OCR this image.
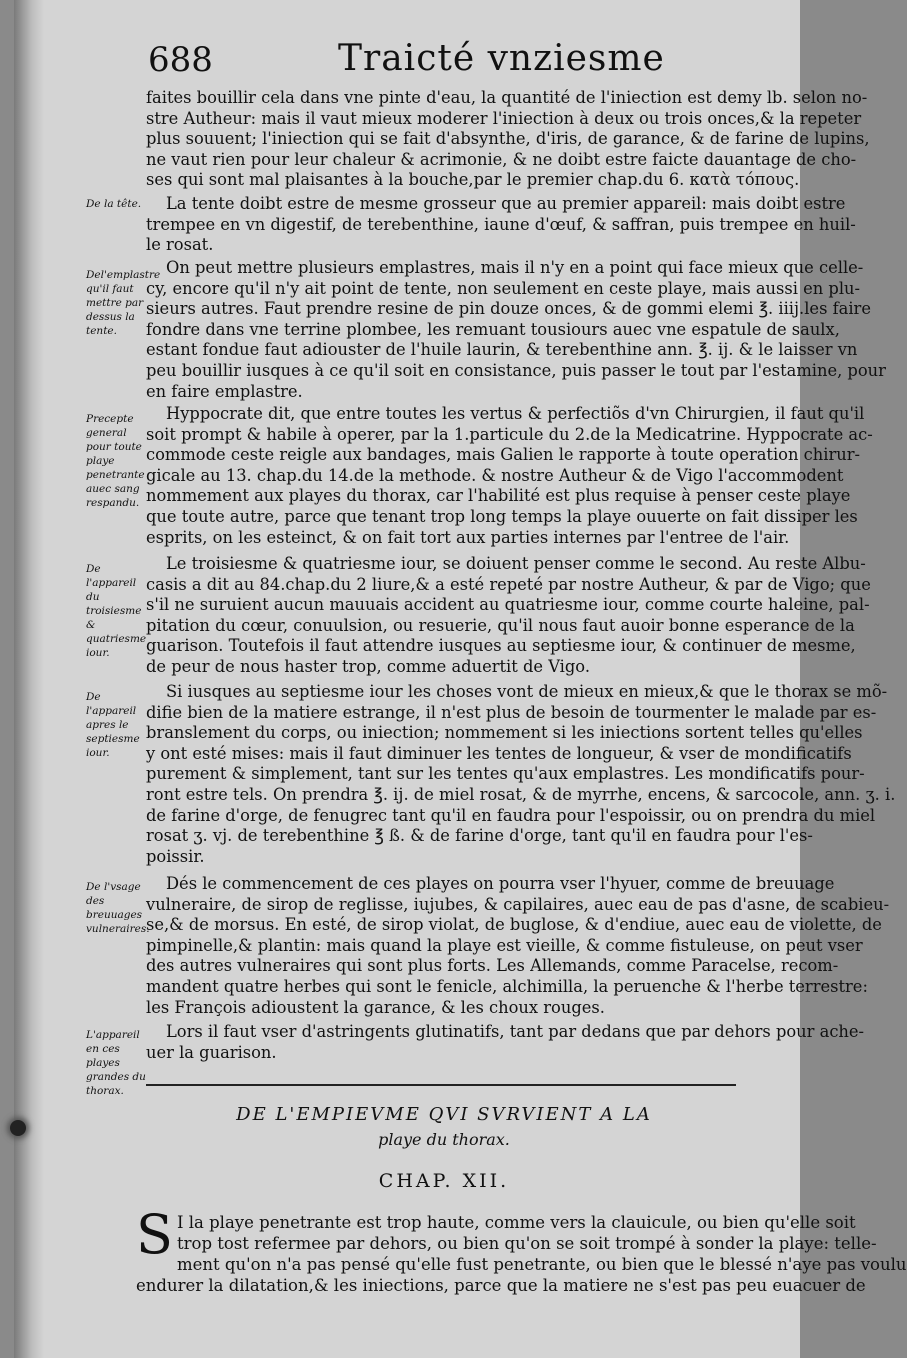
688	Traicté vnziesme
De la tête.
Del'emplastre qu'il faut mettre par dessus la tente.
Precepte general pour toute playe penetrante auec sang respandu.
De l'appareil du troisiesme & quatriesme iour.
De l'appareil apres le septiesme iour.
De l'vsage des breuuages vulneraires.
L'appareil en ces playes grandes du thorax.
faites bouillir cela dans vne pinte d'eau, la quantité de l'iniection est demy lb. selon no-
stre Autheur: mais il vaut mieux moderer l'iniection à deux ou trois onces,& la repeter
plus souuent; l'iniection qui se fait d'absynthe, d'iris, de garance, & de farine de lupins,
ne vaut rien pour leur chaleur & acrimonie, & ne doibt estre faicte dauantage de cho-
ses qui sont mal plaisantes à la bouche,par le premier chap.du 6. κατὰ τόπους.
La tente doibt estre de mesme grosseur que au premier appareil: mais doibt estre
trempee en vn digestif, de terebenthine, iaune d'œuf, & saffran, puis trempee en huil-
le rosat.
On peut mettre plusieurs emplastres, mais il n'y en a point qui face mieux que celle-
cy, encore qu'il n'y ait point de tente, non seulement en ceste playe, mais aussi en plu-
sieurs autres. Faut prendre resine de pin douze onces, & de gommi elemi ℥. iiij.les faire
fondre dans vne terrine plombee, les remuant tousiours auec vne espatule de saulx,
estant fondue faut adiouster de l'huile laurin, & terebenthine ann. ℥. ij. & le laisser vn
peu bouillir iusques à ce qu'il soit en consistance, puis passer le tout par l'estamine, pour
en faire emplastre.
Hyppocrate dit, que entre toutes les vertus & perfectiõs d'vn Chirurgien, il faut qu'il
soit prompt & habile à operer, par la 1.particule du 2.de la Medicatrine. Hyppocrate ac-
commode ceste reigle aux bandages, mais Galien le rapporte à toute operation chirur-
gicale au 13. chap.du 14.de la methode. & nostre Autheur & de Vigo l'accommodent
nommement aux playes du thorax, car l'habilité est plus requise à penser ceste playe
que toute autre, parce que tenant trop long temps la playe ouuerte on fait dissiper les
esprits, on les esteinct, & on fait tort aux parties internes par l'entree de l'air.
Le troisiesme & quatriesme iour, se doiuent penser comme le second. Au reste Albu-
casis a dit au 84.chap.du 2 liure,& a esté repeté par nostre Autheur, & par de Vigo; que
s'il ne suruient aucun mauuais accident au quatriesme iour, comme courte haleine, pal-
pitation du cœur, conuulsion, ou resuerie, qu'il nous faut auoir bonne esperance de la
guarison. Toutefois il faut attendre iusques au septiesme iour, & continuer de mesme,
de peur de nous haster trop, comme aduertit de Vigo.
Si iusques au septiesme iour les choses vont de mieux en mieux,& que le thorax se mõ-
difie bien de la matiere estrange, il n'est plus de besoin de tourmenter le malade par es-
branslement du corps, ou iniection; nommement si les iniections sortent telles qu'elles
y ont esté mises: mais il faut diminuer les tentes de longueur, & vser de mondificatifs
purement & simplement, tant sur les tentes qu'aux emplastres. Les mondificatifs pour-
ront estre tels. On prendra ℥. ij. de miel rosat, & de myrrhe, encens, & sarcocole, ann. ʒ. i.
de farine d'orge, de fenugrec tant qu'il en faudra pour l'espoissir, ou on prendra du miel
rosat ʒ. vj. de terebenthine ℥ ß. & de farine d'orge, tant qu'il en faudra pour l'es-
poissir.
Dés le commencement de ces playes on pourra vser l'hyuer, comme de breuuage
vulneraire, de sirop de reglisse, iujubes, & capilaires, auec eau de pas d'asne, de scabieu-
se,& de morsus. En esté, de sirop violat, de buglose, & d'endiue, auec eau de violette, de
pimpinelle,& plantin: mais quand la playe est vieille, & comme fistuleuse, on peut vser
des autres vulneraires qui sont plus forts. Les Allemands, comme Paracelse, recom-
mandent quatre herbes qui sont le fenicle, alchimilla, la peruenche & l'herbe terrestre:
les François adioustent la garance, & les choux rouges.
Lors il faut vser d'astringents glutinatifs, tant par dedans que par dehors pour ache-
uer la guarison.
DE L'EMPIEVME QVI SVRVIENT A LA
playe du thorax.
CHAP. XII.
S I la playe penetrante est trop haute, comme vers la clauicule, ou bien qu'elle soit
trop tost refermee par dehors, ou bien qu'on se soit trompé à sonder la playe: telle-
ment qu'on n'a pas pensé qu'elle fust penetrante, ou bien que le blessé n'aye pas voulu
endurer la dilatation,& les iniections, parce que la matiere ne s'est pas peu euacuer de
